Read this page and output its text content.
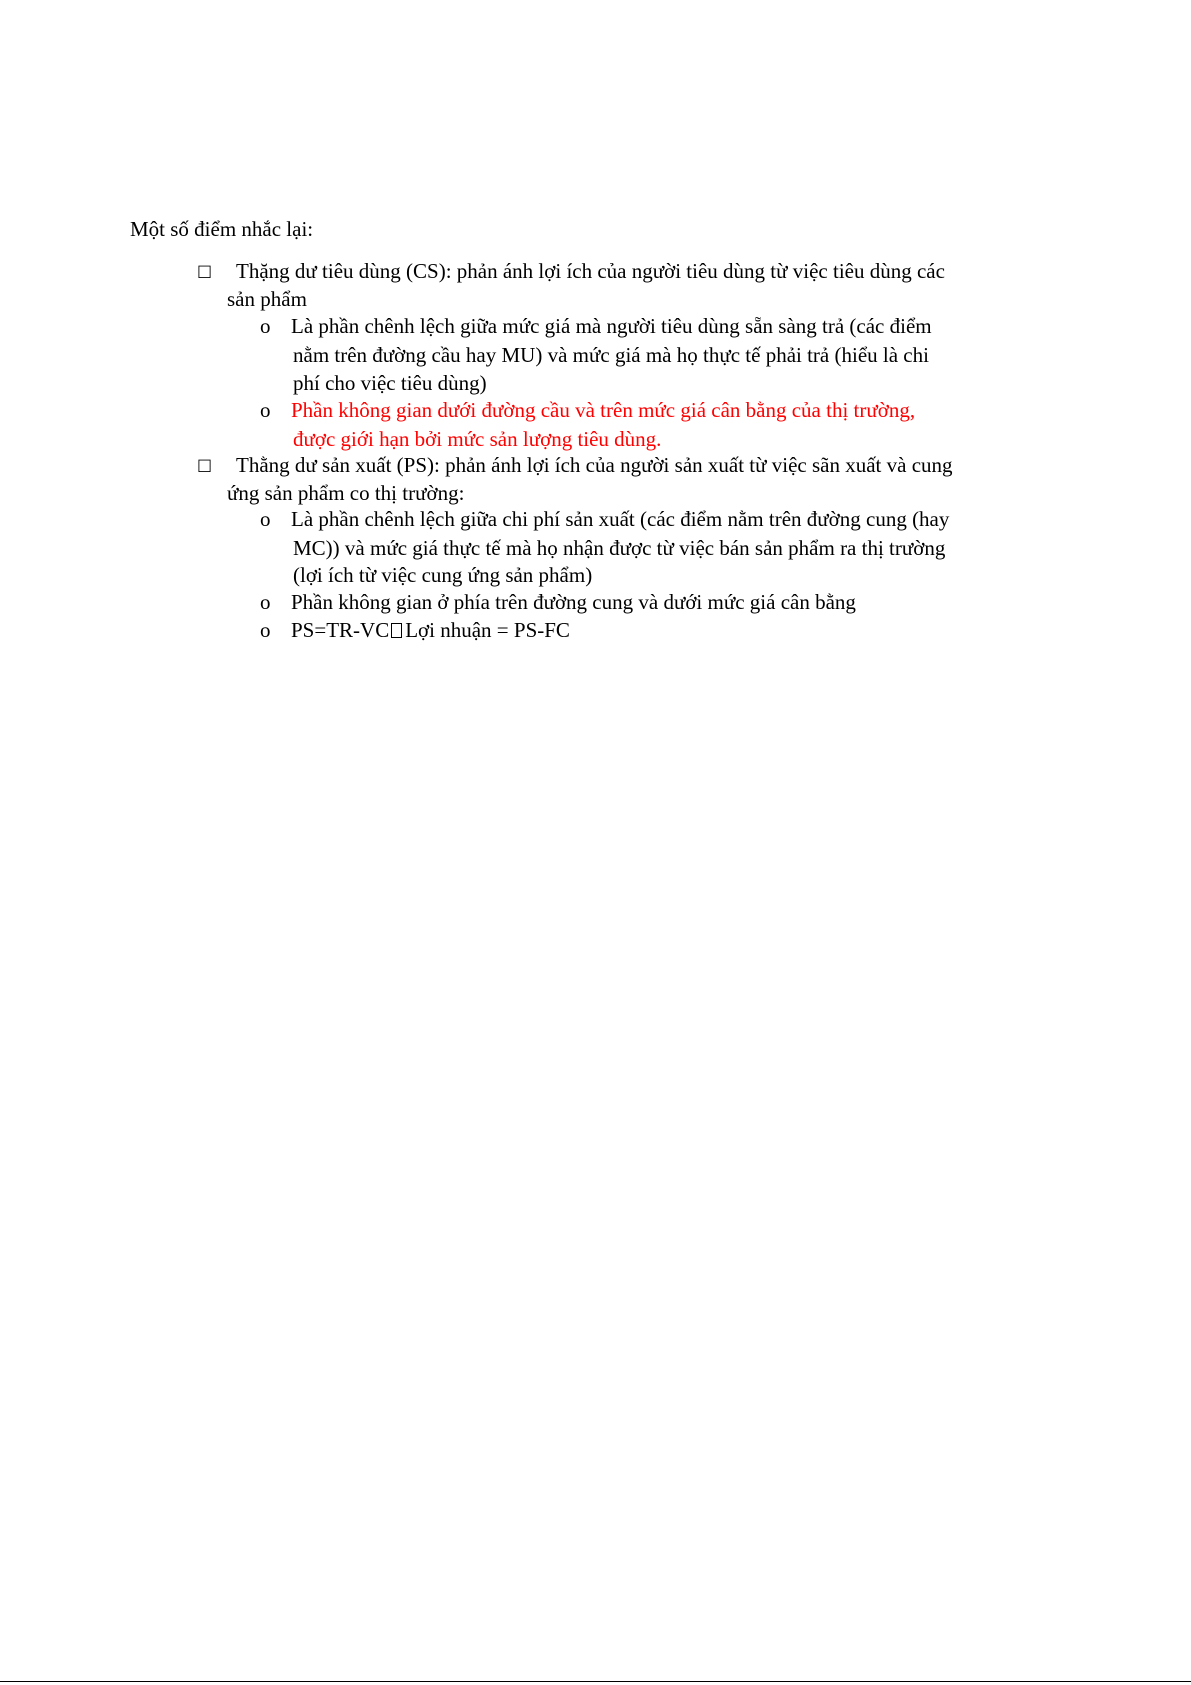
Một số điểm nhắc lại:
□ Thặng dư tiêu dùng (CS): phản ánh lợi ích của người tiêu dùng từ việc tiêu dùng các
sản phẩm
o Là phần chênh lệch giữa mức giá mà người tiêu dùng sẵn sàng trả (các điểm
nằm trên đường cầu hay MU) và mức giá mà họ thực tế phải trả (hiểu là chi
phí cho việc tiêu dùng)
o Phần không gian dưới đường cầu và trên mức giá cân bằng của thị trường,
được giới hạn bởi mức sản lượng tiêu dùng.
□ Thằng dư sản xuất (PS): phản ánh lợi ích của người sản xuất từ việc sãn xuất và cung
ứng sản phẩm co thị trường:
o Là phần chênh lệch giữa chi phí sản xuất (các điểm nằm trên đường cung (hay
MC)) và mức giá thực tế mà họ nhận được từ việc bán sản phẩm ra thị trường
(lợi ích từ việc cung ứng sản phẩm)
o Phần không gian ở phía trên đường cung và dưới mức giá cân bằng
o PS=TR-VC Lợi nhuận = PS-FC
